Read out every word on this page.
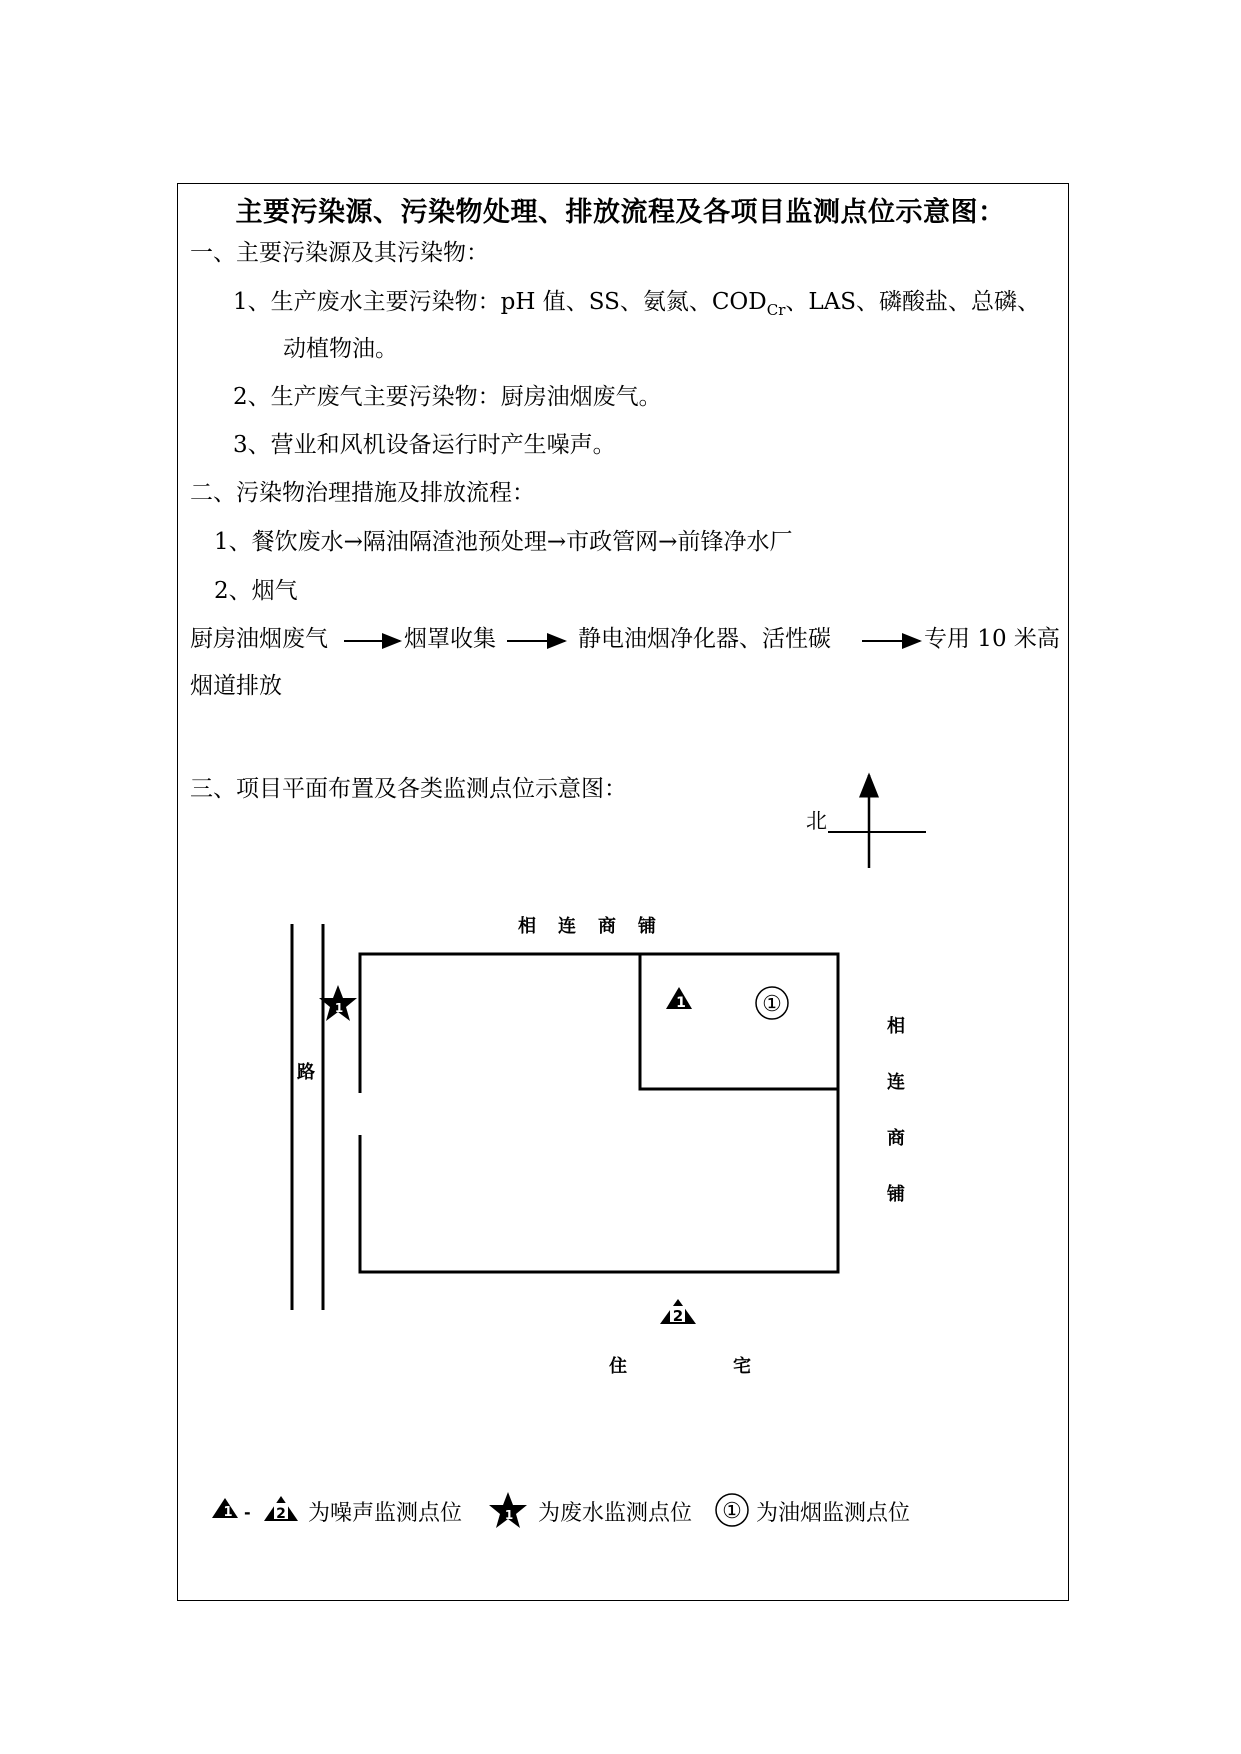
主要污染源、污染物处理、排放流程及各项目监测点位示意图：
一、主要污染源及其污染物：
1、生产废水主要污染物：pH 值、SS、氨氮、$COD_{Cr}$、LAS、磷酸盐、总磷、
动植物油。
2、生产废气主要污染物：厨房油烟废气。
3、营业和风机设备运行时产生噪声。
二、污染物治理措施及排放流程：
1、餐饮废水→隔油隔渣池预处理→市政管网→前锋净水厂
2、烟气
厨房油烟废气	烟罩收集	静电油烟净化器、活性碳	专用 10 米高
烟道排放
三、项目平面布置及各类监测点位示意图：
北
1	①
1
2
1 - 2	1	①
相　连　商　铺
相
连
商
铺
路
住	宅
为噪声监测点位	为废水监测点位	为油烟监测点位
